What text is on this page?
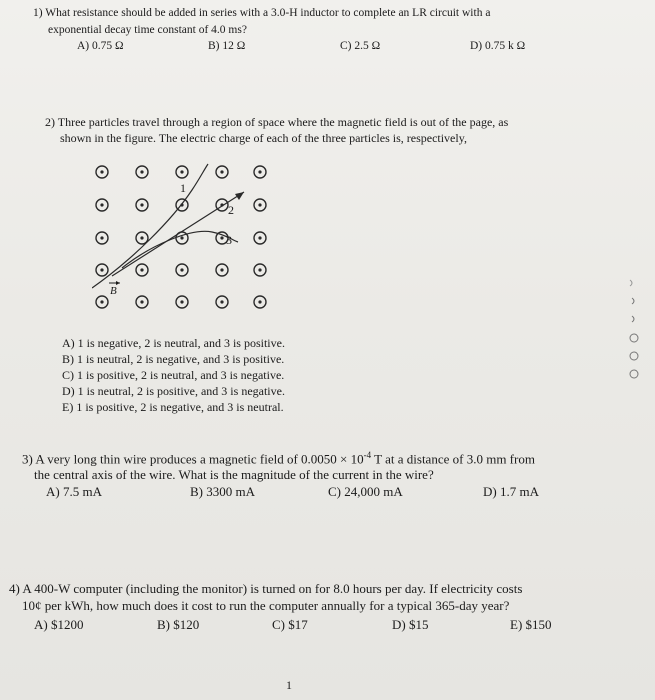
1) What resistance should be added in series with a 3.0-H inductor to complete an LR circuit with a
exponential decay time constant of 4.0 ms?
A) 0.75 Ω	B) 12 Ω	C) 2.5 Ω	D) 0.75 k Ω
2) Three particles travel through a region of space where the magnetic field is out of the page, as
shown in the figure. The electric charge of each of the three particles is, respectively,
1
2
3
B
A) 1 is negative, 2 is neutral, and 3 is positive.
B) 1 is neutral, 2 is negative, and 3 is positive.
C) 1 is positive, 2 is neutral, and 3 is negative.
D) 1 is neutral, 2 is positive, and 3 is negative.
E) 1 is positive, 2 is negative, and 3 is neutral.
3) A very long thin wire produces a magnetic field of $0.0050 \times 10^{-4}$ T at a distance of 3.0 mm from
the central axis of the wire. What is the magnitude of the current in the wire?
A) 7.5 mA	B) 3300 mA	C) 24,000 mA	D) 1.7 mA
4) A 400-W computer (including the monitor) is turned on for 8.0 hours per day. If electricity costs
10¢ per kWh, how much does it cost to run the computer annually for a typical 365-day year?
A) $1200	B) $120	C) $17	D) $15	E) $150
1
